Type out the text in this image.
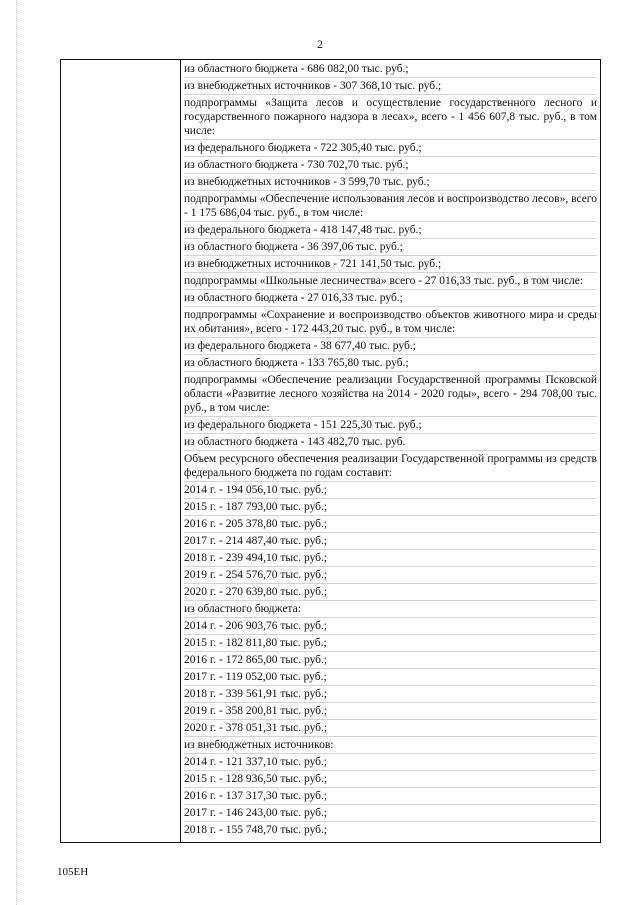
2
из областного бюджета - 686 082,00 тыс. руб.;
из внебюджетных источников - 307 368,10 тыс. руб.;
подпрограммы «Защита лесов и осуществление государственного лесного и государственного пожарного надзора в лесах», всего - 1 456 607,8 тыс. руб., в том числе:
из федерального бюджета - 722 305,40 тыс. руб.;
из областного бюджета - 730 702,70 тыс. руб.;
из внебюджетных источников - 3 599,70 тыс. руб.;
подпрограммы «Обеспечение использования лесов и воспроизводство лесов», всего - 1 175 686,04 тыс. руб., в том числе:
из федерального бюджета - 418 147,48 тыс. руб.;
из областного бюджета - 36 397,06 тыс. руб.;
из внебюджетных источников - 721 141,50 тыс. руб.;
подпрограммы «Школьные лесничества» всего - 27 016,33 тыс. руб., в том числе:
из областного бюджета - 27 016,33 тыс. руб.;
подпрограммы «Сохранение и воспроизводство объектов животного мира и среды их обитания», всего - 172 443,20 тыс. руб., в том числе:
из федерального бюджета - 38 677,40 тыс. руб.;
из областного бюджета - 133 765,80 тыс. руб.;
подпрограммы «Обеспечение реализации Государственной программы Псковской области «Развитие лесного хозяйства на 2014 - 2020 годы», всего - 294 708,00 тыс. руб., в том числе:
из федерального бюджета - 151 225,30 тыс. руб.;
из областного бюджета - 143 482,70 тыс. руб.
Объем ресурсного обеспечения реализации Государственной программы из средств федерального бюджета по годам составит:
2014 г. - 194 056,10 тыс. руб.;
2015 г. - 187 793,00 тыс. руб.;
2016 г. - 205 378,80 тыс. руб.;
2017 г. - 214 487,40 тыс. руб.;
2018 г. - 239 494,10 тыс. руб.;
2019 г. - 254 576,70 тыс. руб.;
2020 г. - 270 639,80 тыс. руб.;
из областного бюджета:
2014 г. - 206 903,76 тыс. руб.;
2015 г. - 182 811,80 тыс. руб.;
2016 г. - 172 865,00 тыс. руб.;
2017 г. - 119 052,00 тыс. руб.;
2018 г. - 339 561,91 тыс. руб.;
2019 г. - 358 200,81 тыс. руб.;
2020 г. - 378 051,31 тыс. руб.;
из внебюджетных источников:
2014 г. - 121 337,10 тыс. руб.;
2015 г. - 128 936,50 тыс. руб.;
2016 г. - 137 317,30 тыс. руб.;
2017 г. - 146 243,00 тыс. руб.;
2018 г. - 155 748,70 тыс. руб.;
105ЕН
